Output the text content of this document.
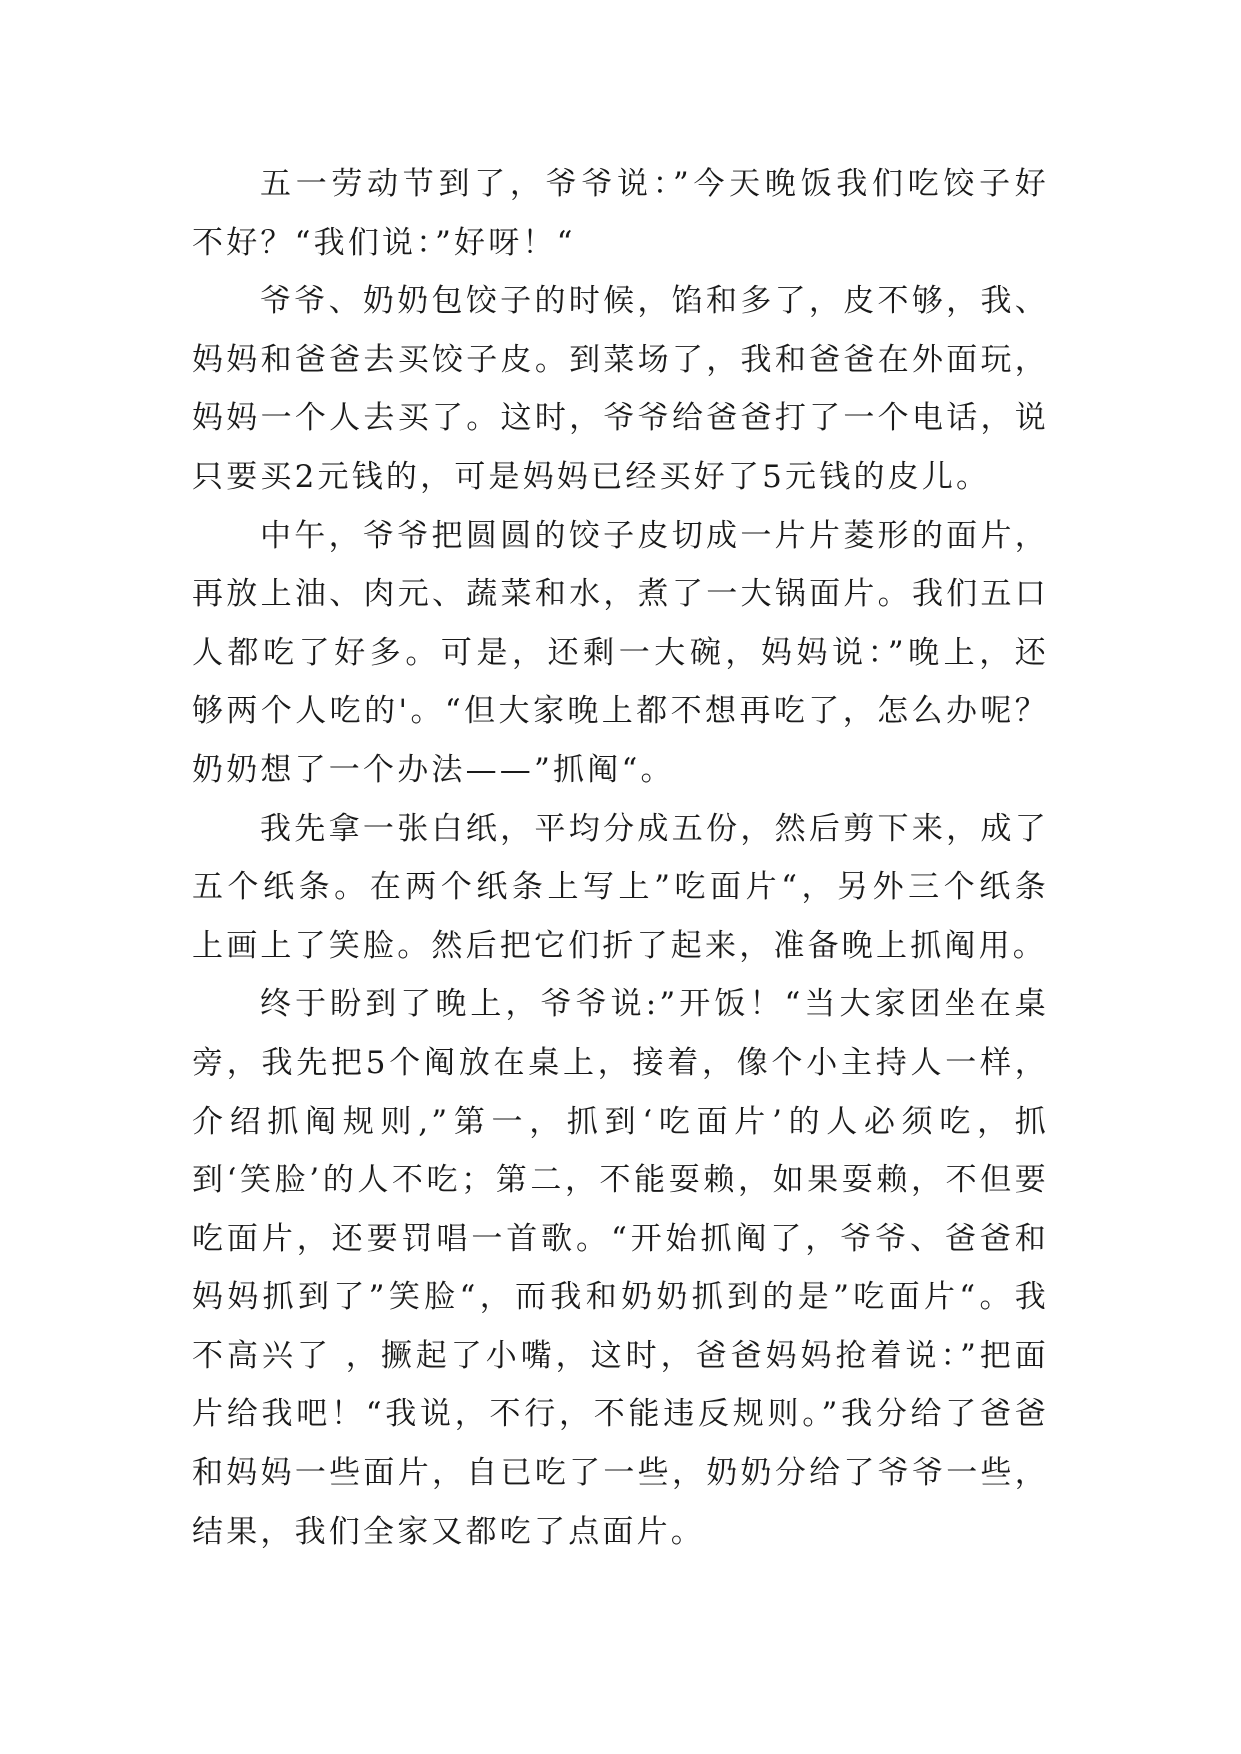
五一劳动节到了，爷爷说：”今天晚饭我们吃饺子好不好？“我们说：”好呀！“

爷爷、奶奶包饺子的时候，馅和多了，皮不够，我、妈妈和爸爸去买饺子皮。到菜场了，我和爸爸在外面玩，妈妈一个人去买了。这时，爷爷给爸爸打了一个电话，说只要买2元钱的，可是妈妈已经买好了5元钱的皮儿。

中午，爷爷把圆圆的饺子皮切成一片片菱形的面片，再放上油、肉元、蔬菜和水，煮了一大锅面片。我们五口人都吃了好多。可是，还剩一大碗，妈妈说：”晚上，还够两个人吃的'。“但大家晚上都不想再吃了，怎么办呢？奶奶想了一个办法——”抓阄“。

我先拿一张白纸，平均分成五份，然后剪下来，成了五个纸条。在两个纸条上写上”吃面片“，另外三个纸条上画上了笑脸。然后把它们折了起来，准备晚上抓阄用。

终于盼到了晚上，爷爷说:”开饭！“当大家团坐在桌旁，我先把5个阄放在桌上，接着，像个小主持人一样，介绍抓阄规则,”第一，抓到‘吃面片’的人必须吃，抓到‘笑脸’的人不吃；第二，不能耍赖，如果耍赖，不但要吃面片，还要罚唱一首歌。“开始抓阄了，爷爷、爸爸和妈妈抓到了”笑脸“，而我和奶奶抓到的是”吃面片“。我不高兴了 ，撅起了小嘴，这时，爸爸妈妈抢着说：”把面片给我吧！“我说，不行，不能违反规则。”我分给了爸爸和妈妈一些面片，自已吃了一些，奶奶分给了爷爷一些，结果，我们全家又都吃了点面片。
